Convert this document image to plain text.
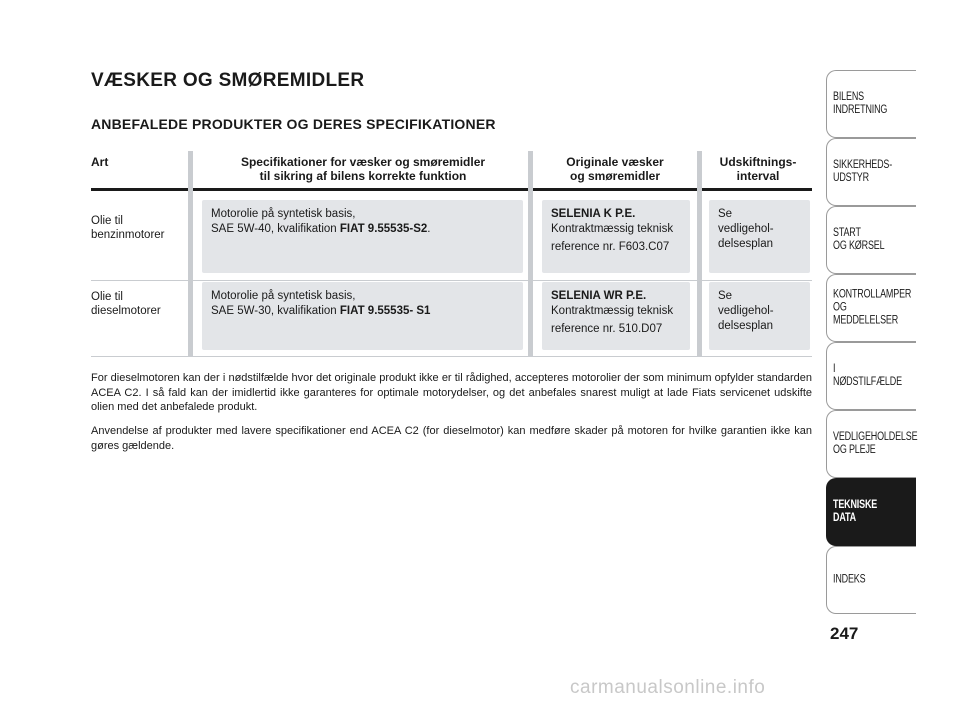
VÆSKER OG SMØREMIDLER
ANBEFALEDE PRODUKTER OG DERES SPECIFIKATIONER
Art	Specifikationer for væsker og smøremidler
til sikring af bilens korrekte funktion
Originale væsker
og smøremidler
Udskiftnings-
interval
Olie til
benzinmotorer
Motorolie på syntetisk basis,
SAE 5W-40, kvalifikation FIAT 9.55535-S2.
SELENIA K P.E.
Kontraktmæssig teknisk
reference nr. F603.C07
Se
vedligehol-
delsesplan
Olie til
dieselmotorer
Motorolie på syntetisk basis,
SAE 5W-30, kvalifikation FIAT 9.55535- S1
SELENIA WR P.E.
Kontraktmæssig teknisk
reference nr. 510.D07
Se
vedligehol-
delsesplan
For dieselmotoren kan der i nødstilfælde hvor det originale produkt ikke er til rådighed, accepteres motorolier der som minimum opfylder standarden ACEA C2. I så fald kan der imidlertid ikke garanteres for optimale motorydelser, og det anbefales snarest muligt at lade Fiats servicenet udskifte olien med det anbefalede produkt.
Anvendelse af produkter med lavere specifikationer end ACEA C2 (for dieselmotor) kan medføre skader på motoren for hvilke garantien ikke kan gøres gældende.
BILENS
INDRETNING
SIKKERHEDS-
UDSTYR
START
OG KØRSEL
KONTROLLAMPER
OG MEDDELELSER
I NØDSTILFÆLDE
VEDLIGEHOLDELSE
OG PLEJE
TEKNISKE DATA
INDEKS
247
carmanualsonline.info
